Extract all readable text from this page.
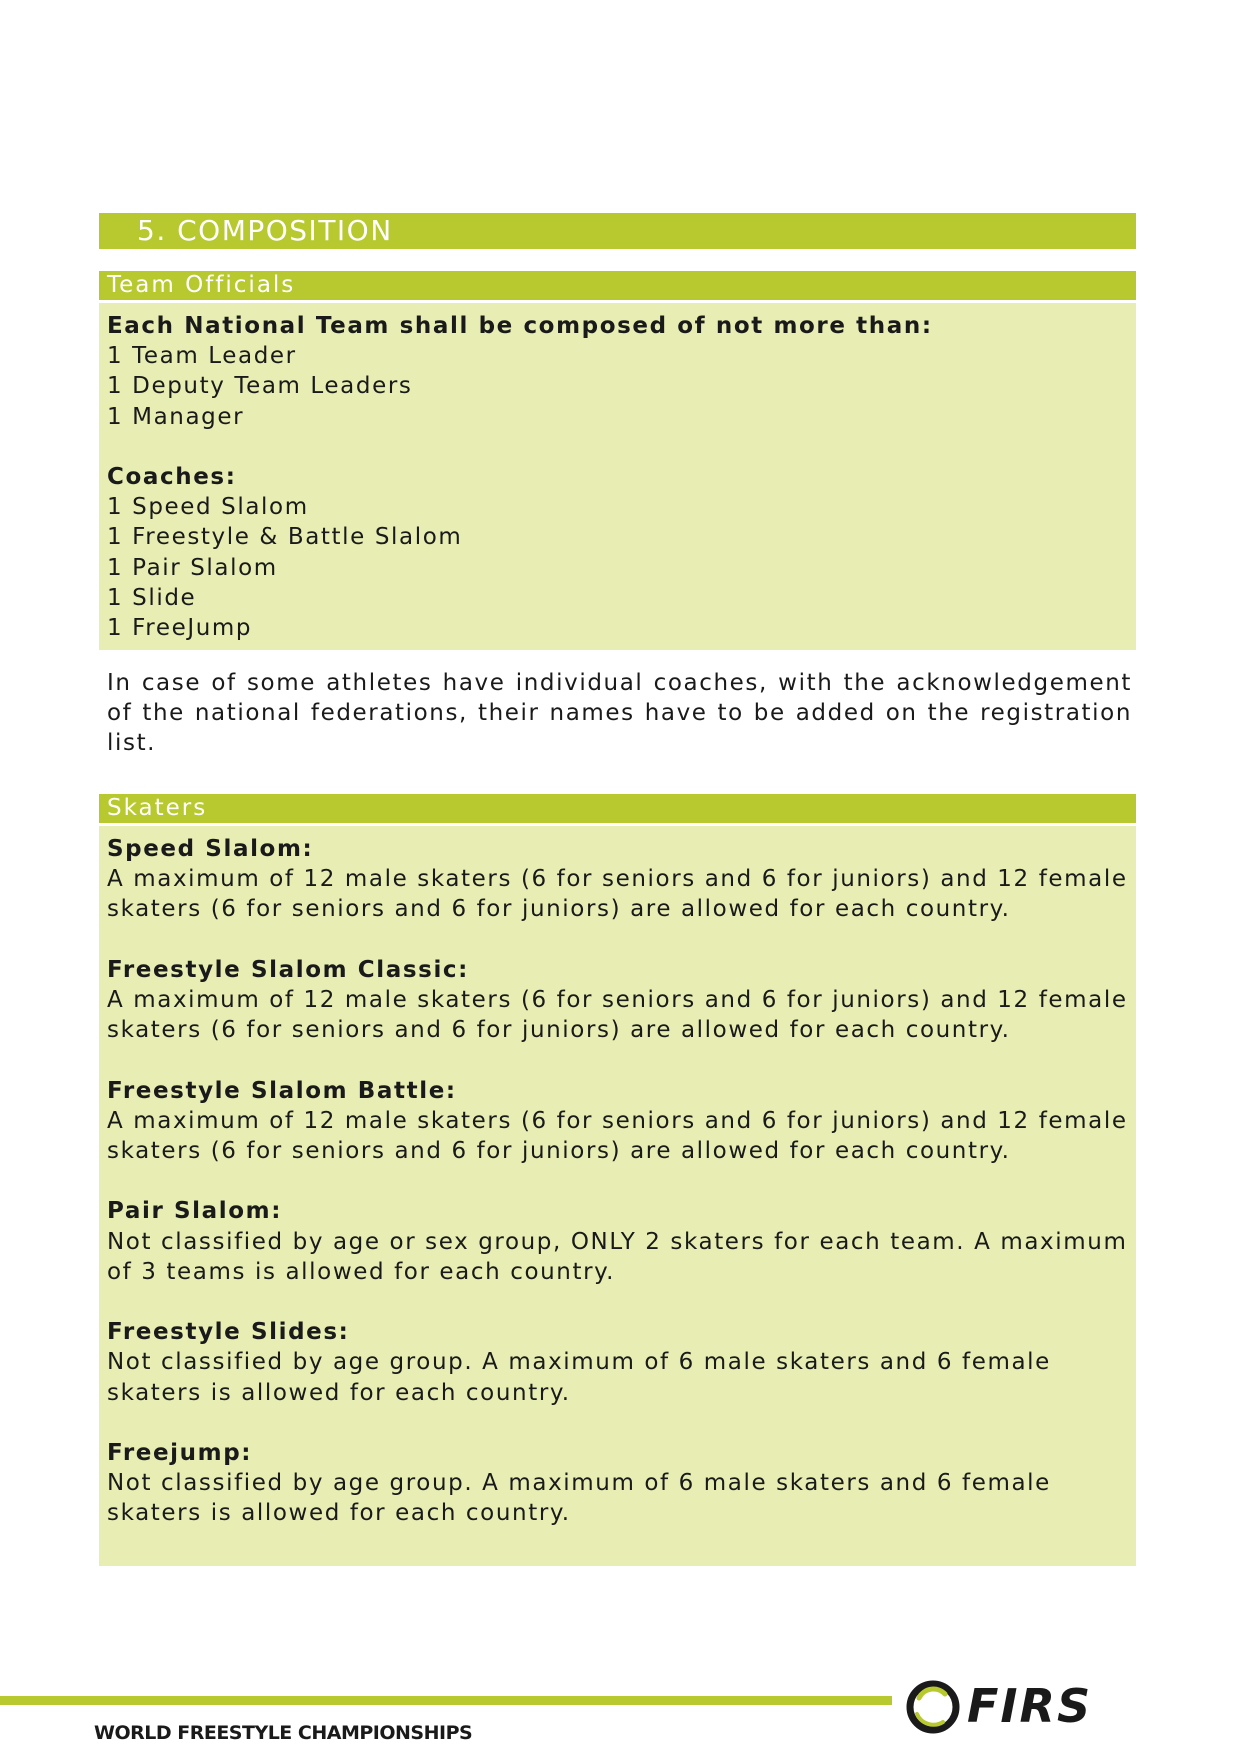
5. COMPOSITION
Team Officials
Each National Team shall be composed of not more than:
1 Team Leader
1 Deputy Team Leaders
1 Manager
Coaches:
1 Speed Slalom
1 Freestyle & Battle Slalom
1 Pair Slalom
1 Slide
1 FreeJump
In case of some athletes have individual coaches, with the acknowledgement of the national federations, their names have to be added on the registration list.
Skaters
Speed Slalom:
A maximum of 12 male skaters (6 for seniors and 6 for juniors) and 12 female
skaters (6 for seniors and 6 for juniors) are allowed for each country.
Freestyle Slalom Classic:
A maximum of 12 male skaters (6 for seniors and 6 for juniors) and 12 female
skaters (6 for seniors and 6 for juniors) are allowed for each country.
Freestyle Slalom Battle:
A maximum of 12 male skaters (6 for seniors and 6 for juniors) and 12 female
skaters (6 for seniors and 6 for juniors) are allowed for each country.
Pair Slalom:
Not classified by age or sex group, ONLY 2 skaters for each team. A maximum
of 3 teams is allowed for each country.
Freestyle Slides:
Not classified by age group. A maximum of 6 male skaters and 6 female
skaters is allowed for each country.
Freejump:
Not classified by age group. A maximum of 6 male skaters and 6 female
skaters is allowed for each country.
WORLD FREESTYLE CHAMPIONSHIPS	FIRS
